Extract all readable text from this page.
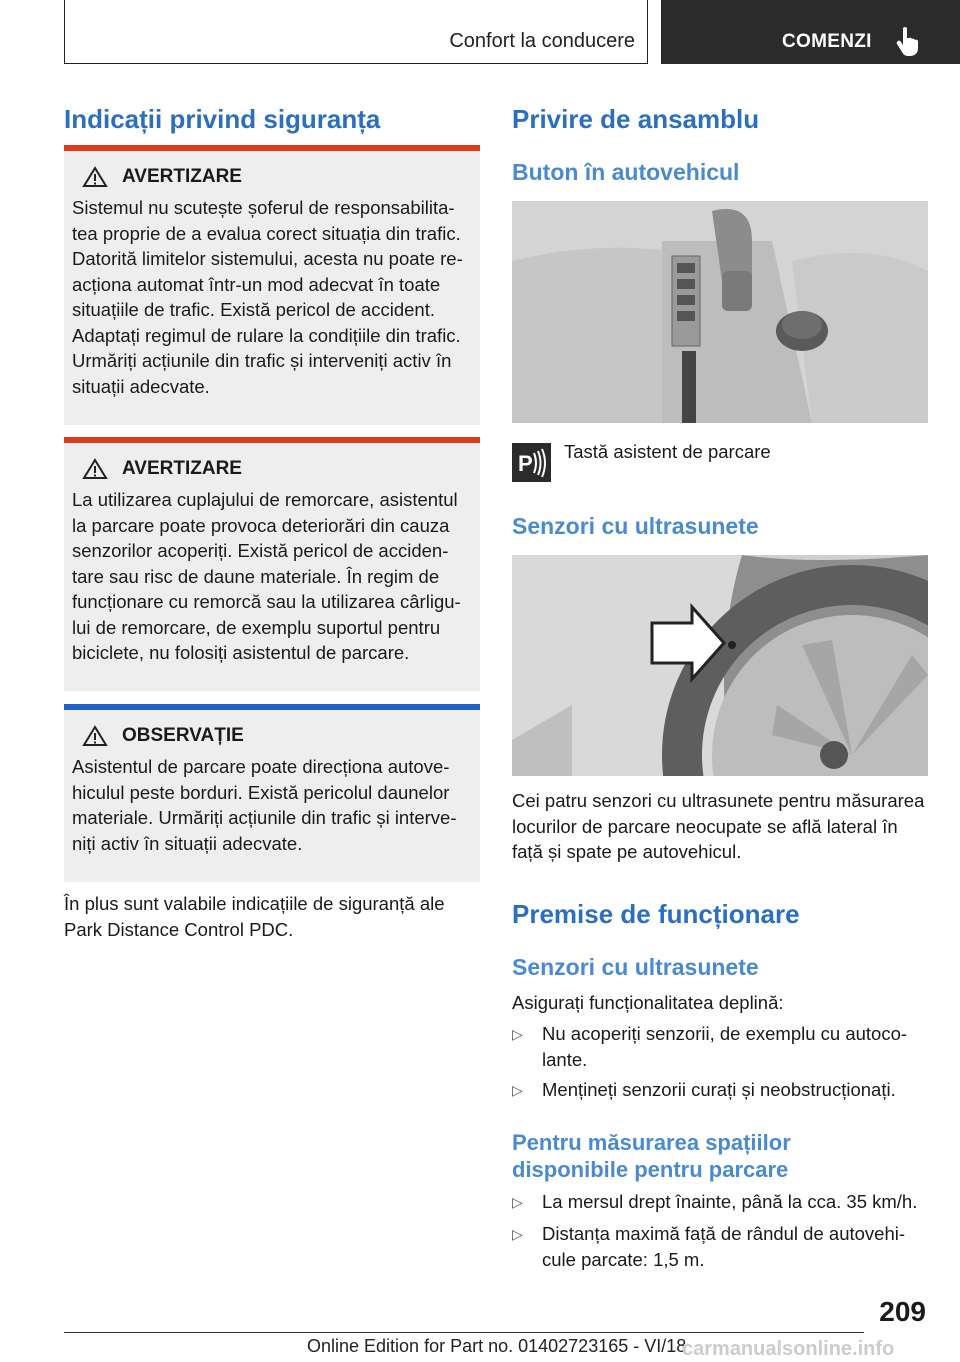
Confort la conducere	COMENZI
Indicații privind siguranța
AVERTIZARE

Sistemul nu scutește șoferul de responsabilitatea proprie de a evalua corect situația din trafic. Datorită limitelor sistemului, acesta nu poate reacționa automat într-un mod adecvat în toate situațiile de trafic. Există pericol de accident. Adaptați regimul de rulare la condițiile din trafic. Urmăriți acțiunile din trafic și interveniți activ în situații adecvate.

AVERTIZARE

La utilizarea cuplajului de remorcare, asistentul la parcare poate provoca deteriorări din cauza senzorilor acoperiți. Există pericol de accidentare sau risc de daune materiale. În regim de funcționare cu remorcă sau la utilizarea cârligului de remorcare, de exemplu suportul pentru biciclete, nu folosiți asistentul de parcare.

OBSERVAȚIE

Asistentul de parcare poate direcționa autovehiculul peste borduri. Există pericolul daunelor materiale. Urmăriți acțiunile din trafic și interveniți activ în situații adecvate.

În plus sunt valabile indicațiile de siguranță ale Park Distance Control PDC.

Privire de ansamblu
Buton în autovehicul
P Tastă asistent de parcare

Senzori cu ultrasunete

Cei patru senzori cu ultrasunete pentru măsurarea locurilor de parcare neocupate se află lateral în față și spate pe autovehicul.

Premise de funcționare
Senzori cu ultrasunete

Asigurați funcționalitatea deplină:

▷ Nu acoperiți senzorii, de exemplu cu autocolante.
▷ Mențineți senzorii curați și neobstrucționați.
Pentru măsurarea spațiilor
disponibile pentru parcare
▷ La mersul drept înainte, până la cca. 35 km/h.
▷ Distanța maximă față de rândul de autovehicule parcate: 1,5 m.
209
Online Edition for Part no. 01402723165 - VI/18
carmanualsonline.info
